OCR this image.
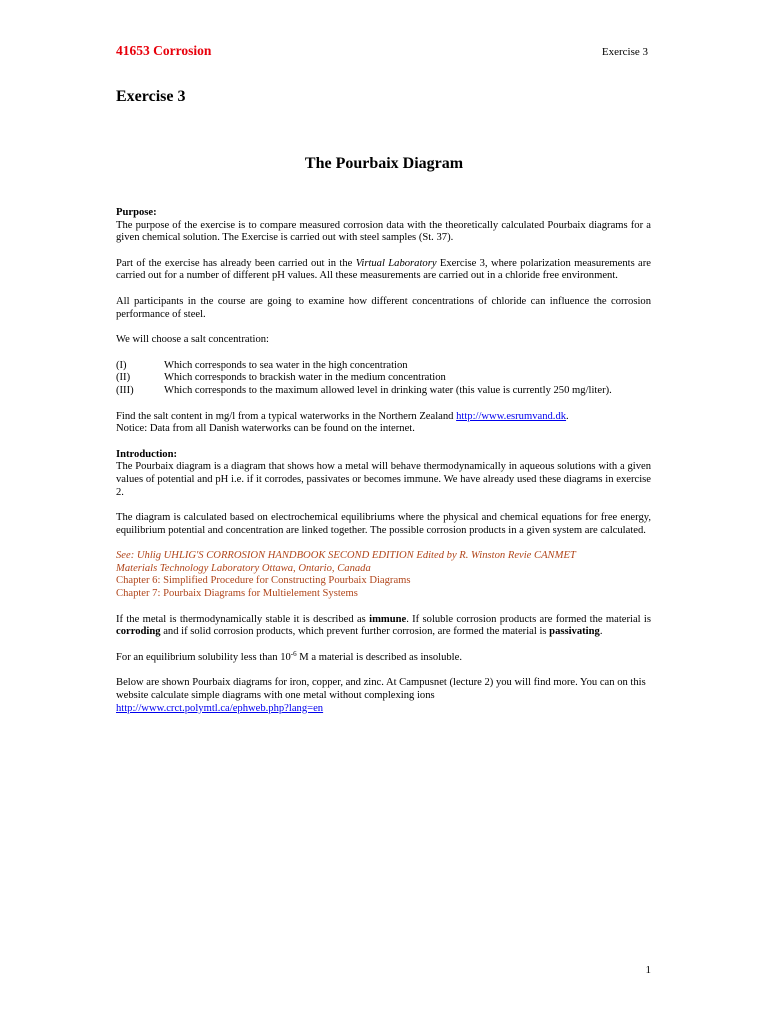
41653 Corrosion	Exercise 3
Exercise 3
The Pourbaix Diagram

Purpose:
The purpose of the exercise is to compare measured corrosion data with the theoretically calculated Pourbaix diagrams for a given chemical solution. The Exercise is carried out with steel samples (St. 37).

Part of the exercise has already been carried out in the Virtual Laboratory Exercise 3, where polarization measurements are carried out for a number of different pH values. All these measurements are carried out in a chloride free environment.

All participants in the course are going to examine how different concentrations of chloride can influence the corrosion performance of steel.

We will choose a salt concentration:

(I)	Which corresponds to sea water in the high concentration
(II)	Which corresponds to brackish water in the medium concentration
(III)	Which corresponds to the maximum allowed level in drinking water (this value is currently 250 mg/liter).

Find the salt content in mg/l from a typical waterworks in the Northern Zealand http://www.esrumvand.dk.

Notice: Data from all Danish waterworks can be found on the internet.

Introduction:
The Pourbaix diagram is a diagram that shows how a metal will behave thermodynamically in aqueous solutions with a given values of potential and pH i.e. if it corrodes, passivates or becomes immune. We have already used these diagrams in exercise 2.

The diagram is calculated based on electrochemical equilibriums where the physical and chemical equations for free energy, equilibrium potential and concentration are linked together. The possible corrosion products in a given system are calculated.

See: Uhlig UHLIG'S CORROSION HANDBOOK SECOND EDITION Edited by R. Winston Revie CANMET
Materials Technology Laboratory Ottawa, Ontario, Canada
Chapter 6: Simplified Procedure for Constructing Pourbaix Diagrams
Chapter 7: Pourbaix Diagrams for Multielement Systems

If the metal is thermodynamically stable it is described as immune. If soluble corrosion products are formed the material is corroding and if solid corrosion products, which prevent further corrosion, are formed the material is passivating.

For an equilibrium solubility less than $10^{-6}$ M a material is described as insoluble.

Below are shown Pourbaix diagrams for iron, copper, and zinc. At Campusnet (lecture 2) you will find more. You can on this website calculate simple diagrams with one metal without complexing ions
http://www.crct.polymtl.ca/ephweb.php?lang=en

1
